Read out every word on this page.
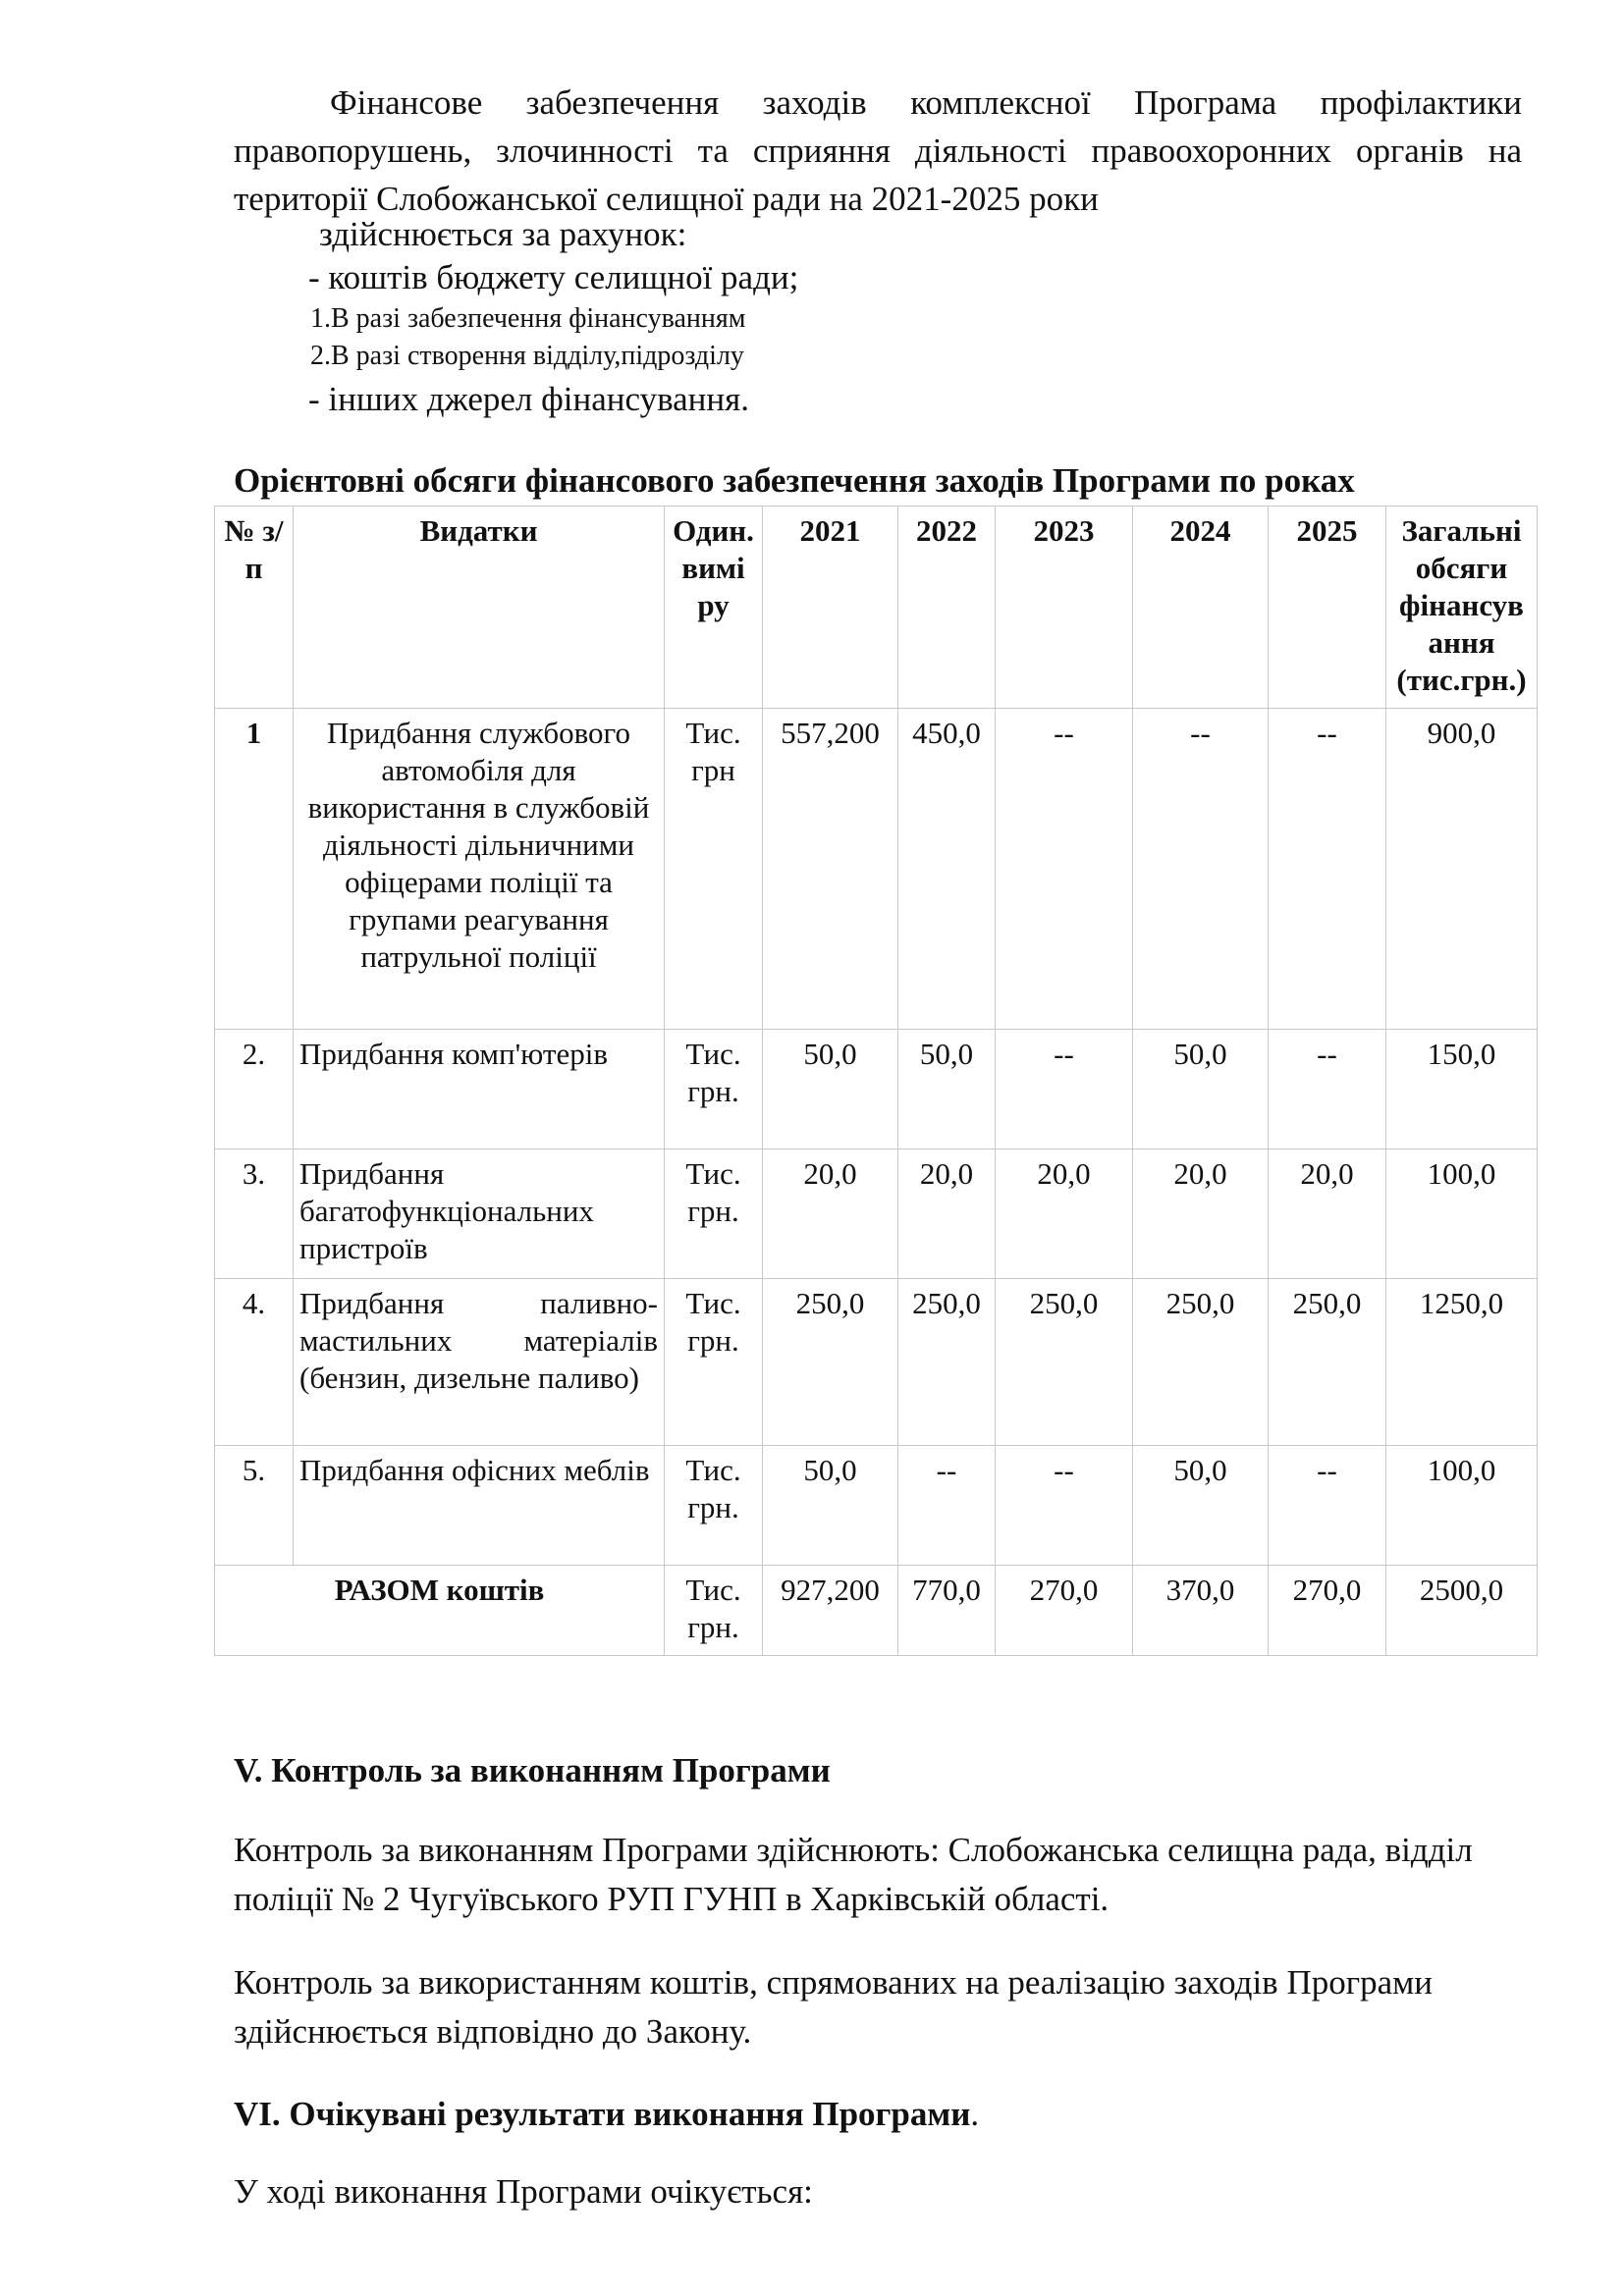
Фінансове забезпечення заходів комплексної Програма профілактики правопорушень, злочинності та сприяння діяльності правоохоронних органів на території Слобожанської селищної ради на 2021-2025 роки

здійснюється за рахунок:

- коштів бюджету селищної ради;

1.В разі забезпечення фінансуванням

2.В разі створення відділу,підрозділу

- інших джерел фінансування.

Орієнтовні обсяги фінансового забезпечення заходів Програми по роках

№ з/п	Видатки	Один. вимі ру	2021	2022	2023	2024	2025	Загальні обсяги фінансув ання (тис.грн.)
1	Придбання службового автомобіля для використання в службовій діяльності дільничними офіцерами поліції та групами реагування патрульної поліції	Тис. грн	557,200	450,0	--	--	--	900,0
2.	Придбання комп'ютерів	Тис. грн.	50,0	50,0	--	50,0	--	150,0
3.	Придбання багатофункціональних пристроїв	Тис. грн.	20,0	20,0	20,0	20,0	20,0	100,0
4.	Придбання паливно-мастильних матеріалів (бензин, дизельне паливо)	Тис. грн.	250,0	250,0	250,0	250,0	250,0	1250,0
5.	Придбання офісних меблів	Тис. грн.	50,0	--	--	50,0	--	100,0
РАЗОМ коштів		Тис. грн.	927,200	770,0	270,0	370,0	270,0	2500,0

V. Контроль за виконанням Програми

Контроль за виконанням Програми здійснюють: Слобожанська селищна рада, відділ поліції № 2 Чугуївського РУП ГУНП в Харківській області.

Контроль за використанням коштів, спрямованих на реалізацію заходів Програми здійснюється відповідно до Закону.

VI. Очікувані результати виконання Програми.

У ході виконання Програми очікується:
